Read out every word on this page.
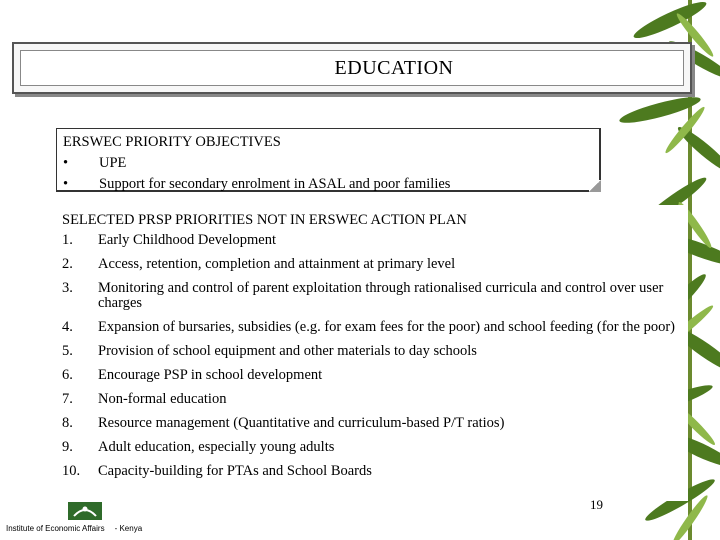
EDUCATION
ERSWEC PRIORITY OBJECTIVES
•	UPE
•	Support for secondary enrolment in ASAL and poor families
SELECTED PRSP PRIORITIES NOT IN ERSWEC ACTION PLAN
1.	Early Childhood Development
2.	Access, retention, completion and attainment at primary level
3.	Monitoring and control of parent exploitation through rationalised curricula and control over user charges
4.	Expansion of bursaries, subsidies (e.g. for exam fees for the poor) and school feeding (for the poor)
5.	Provision of school equipment and other materials to day schools
6.	Encourage PSP in school development
7.	Non-formal education
8.	Resource management (Quantitative and curriculum-based P/T ratios)
9.	Adult education, especially young adults
10.	Capacity-building for PTAs and School Boards
19
Institute of Economic Affairs - Kenya
